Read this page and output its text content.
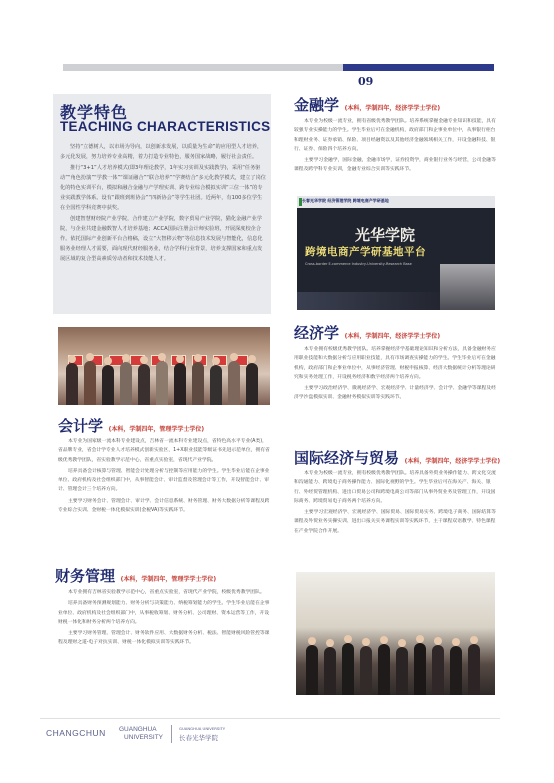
09
教学特色
TEACHING CHARACTERISTICS

坚持“立德树人，以市场为导向，以创新求发展，以质量为生命”的应用型人才培养，多元化发展，努力培养专业高精，着力打造专业特色，服务国家战略，履行社会责任。

推行“3+1”人才培养模式(即3年理论教学，1年实习实训及实践教学)，采用“任务驱动”“角色扮演”“学教一体”“课证融合”“联合培养”“学赛结合”多元化教学模式，建立了岗位化的特色实训平台，模拟和融合金融与产学理实训、跨专业综合模拟实训“三位一体”的专业实践教学体系。设有“跟班到班协会”“四新协会”等学生社团。近两年，有100多位学生在全国性学科竞赛中获奖。

创建智慧财经院产业学院，合作建立产业学院，数字贸易产业学院，猫化金融产业学院，与企业共建金融数智人才培养基地；ACCA国际注册会计师实验班，开展深度校企合作。依托国际产业创新平台合格稿，设立“大智移云物”等信息技术发展与智能化，信息化服务业经理人才需要，面向现代财经服务业，结合学科行业背景，培养支撑国家和重点发展区域的复合型高素质劳动者和技术技能人才。

会计学 (本科，学制四年，管理学学士学位)

本专业为国家级一流本科专业建设点，吉林省一流本科专业建设点，省特色高水平专业(A类)，省品牌专业，省会计学专业人才培养模式创新实验区，1+X职业技能等级证书先进示范单位，拥有省级优秀教学团队，省实验教学示范中心，省重点实验室，省现代产业学院。

培养具备会计核算与管理、智能会计处理分析与控制等应用能力的学生。学生毕业后能在企事业单位、政府机构及社会组织部门中，从事智能会计、审计监督及管理会计等工作，开设智能会计、审计、管理会计三个培养方向。

主要学习财务会计、管理会计、审计学、会计信息系统、财务管理、财务大数据分析等课程及跨专业综合实训、金财税一体化模拟实训(金税VA)等实践环节。

财务管理 (本科，学制四年，管理学学士学位)

本专业拥有吉林省实验教学示范中心，省重点实验室，省现代产业学院，校级优秀教学团队。

培养具备财务预测规划能力、财务分析与决策能力、纳税筹划能力的学生。学生毕业后能在企事业单位、政府机构及社会组织部门中，从事税收筹划、财务分析、公司理财、资本运营等工作，开设财税一体化和财务分析两个培养方向。

主要学习财务管理、管理会计、财务软件应用、大数据财务分析、税法、智能财税风险管控等课程及理财之道-电子对抗实训、财税一体化模拟实训等实践环节。

金融学 (本科，学制四年，经济学学士学位)

本专业为校级一流专业，拥有省级优秀教学团队。培养系统掌握金融专业知识和技能，具有较强专业实操能力的学生。学生毕业后可在金融机构，政府部门和企事业单位中，从事银行柜台和理财业务、证券承销、保险、项目经融资以及其他经济金融领域相关工作，开设金融科技、银行、证券、保险四个培养方向。

主要学习金融学，国际金融，金融市场学，证券投资学，商业银行业务与经营，公司金融等课程及跨学科专业实训，金融专业综合实训等实践环节。

长春光华学院 经济管理学院 跨境电商产学研基地
光华学院
跨境电商产学研基地平台
Cross-border E-commerce Industry-University-Research Base
经济学 (本科，学制四年，经济学学士学位)

本专业拥有校级优秀教学团队。培养掌握经济学基础理论知识和分析方法，具备金融财务应用职业技能和大数据分析与应用职业技能，具有市场调查实操能力的学生。学生毕业后可在金融机构，政府部门和企事业单位中，从事经济管理、财税申报核算、经济大数据统计分析等理论研究和实务处理工作，开设税务经济和数字经济两个培养方向。

主要学习政治经济学、微观经济学、宏观经济学、计量经济学、会计学、金融学等课程及经济学沙盘模拟实训、金融财务模拟实训等实践环节。

国际经济与贸易 (本科，学制四年，经济学学士学位)

本专业为校级一流专业，拥有校级优秀教学团队。培养具备外贸业务操作能力、跨文化交流和沟通能力、跨境电子商务操作能力、国际化视野的学生。学生毕业后可在海关产、海关、银行、外经贸管理机构、进出口贸易公司和跨境电商公司等部门从事外贸业务及管理工作，开设国际商务、跨境贸易电子商务两个培养方向。

主要学习宏观经济学、宏观经济学、国际贸易、国际贸易实务、跨境电子商务、国际结算等课程及外贸业务实操实训、进出口报关实务课程实训等实践环节，主干课程双语教学、特色课程在产业学院合作开展。

CHANGCHUN GUANGHUA
UNIVERSITY
GUANGHUA UNIVERSITY
长春光华学院
